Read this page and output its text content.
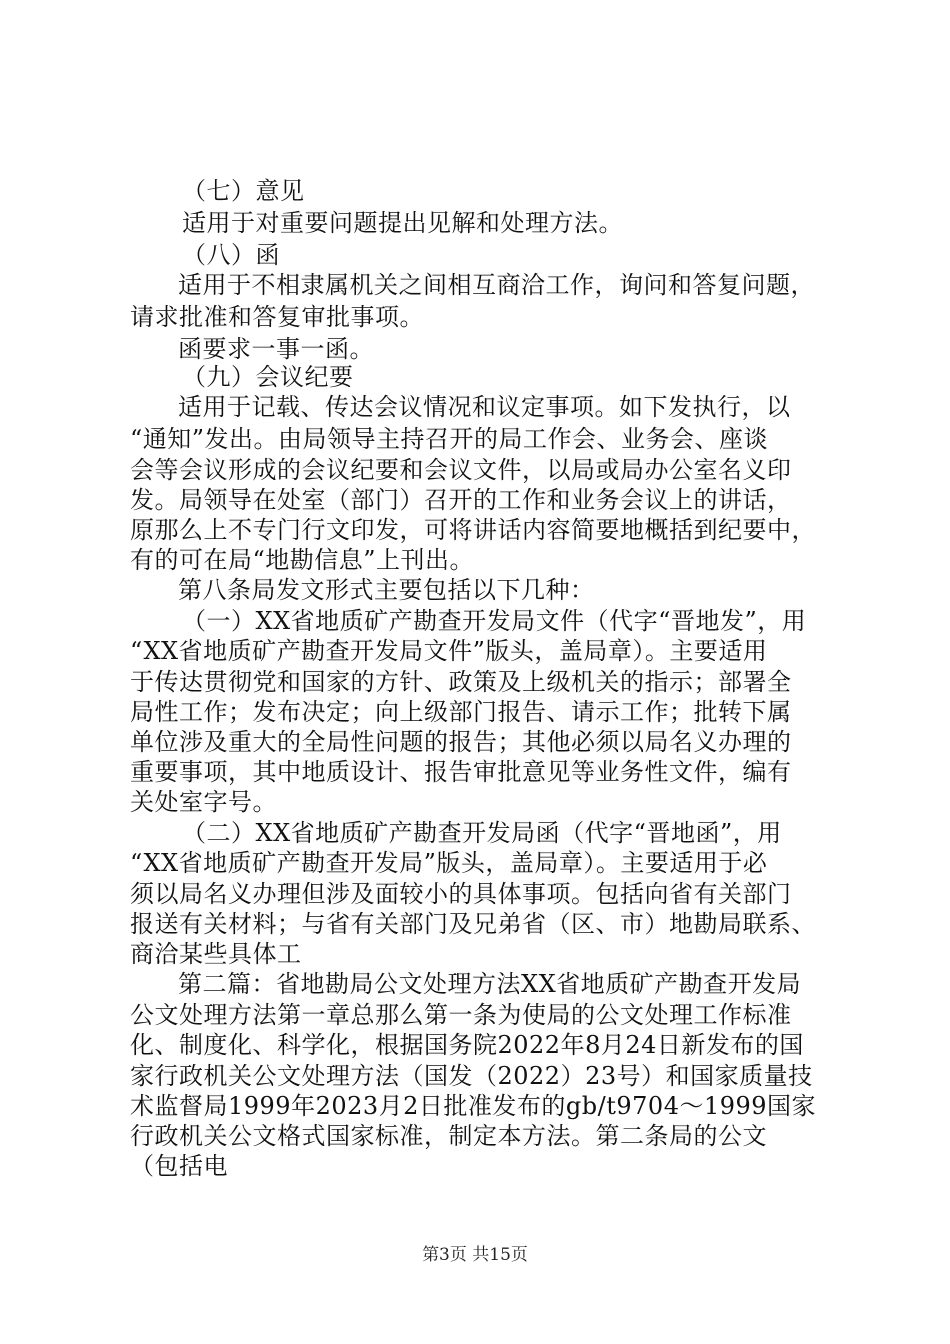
（七）意见

适用于对重要问题提出见解和处理方法。

（八）函

适用于不相隶属机关之间相互商洽工作，询问和答复问题，

请求批准和答复审批事项。

函要求一事一函。

（九）会议纪要

适用于记载、传达会议情况和议定事项。如下发执行，以

“通知”发出。由局领导主持召开的局工作会、业务会、座谈

会等会议形成的会议纪要和会议文件，以局或局办公室名义印

发。局领导在处室（部门）召开的工作和业务会议上的讲话，

原那么上不专门行文印发，可将讲话内容简要地概括到纪要中，

有的可在局“地勘信息”上刊出。

第八条局发文形式主要包括以下几种：

（一）XX省地质矿产勘查开发局文件（代字“晋地发”，用

“XX省地质矿产勘查开发局文件”版头，盖局章）。主要适用

于传达贯彻党和国家的方针、政策及上级机关的指示；部署全

局性工作；发布决定；向上级部门报告、请示工作；批转下属

单位涉及重大的全局性问题的报告；其他必须以局名义办理的

重要事项，其中地质设计、报告审批意见等业务性文件，编有

关处室字号。

（二）XX省地质矿产勘查开发局函（代字“晋地函”，用

“XX省地质矿产勘查开发局”版头，盖局章）。主要适用于必

须以局名义办理但涉及面较小的具体事项。包括向省有关部门

报送有关材料；与省有关部门及兄弟省（区、市）地勘局联系、

商洽某些具体工

第二篇：省地勘局公文处理方法XX省地质矿产勘查开发局

公文处理方法第一章总那么第一条为使局的公文处理工作标准

化、制度化、科学化，根据国务院2022年8月24日新发布的国

家行政机关公文处理方法（国发（2022）23号）和国家质量技

术监督局1999年2023月2日批准发布的gb/t9704～1999国家

行政机关公文格式国家标准，制定本方法。第二条局的公文

（包括电

第3页 共15页
